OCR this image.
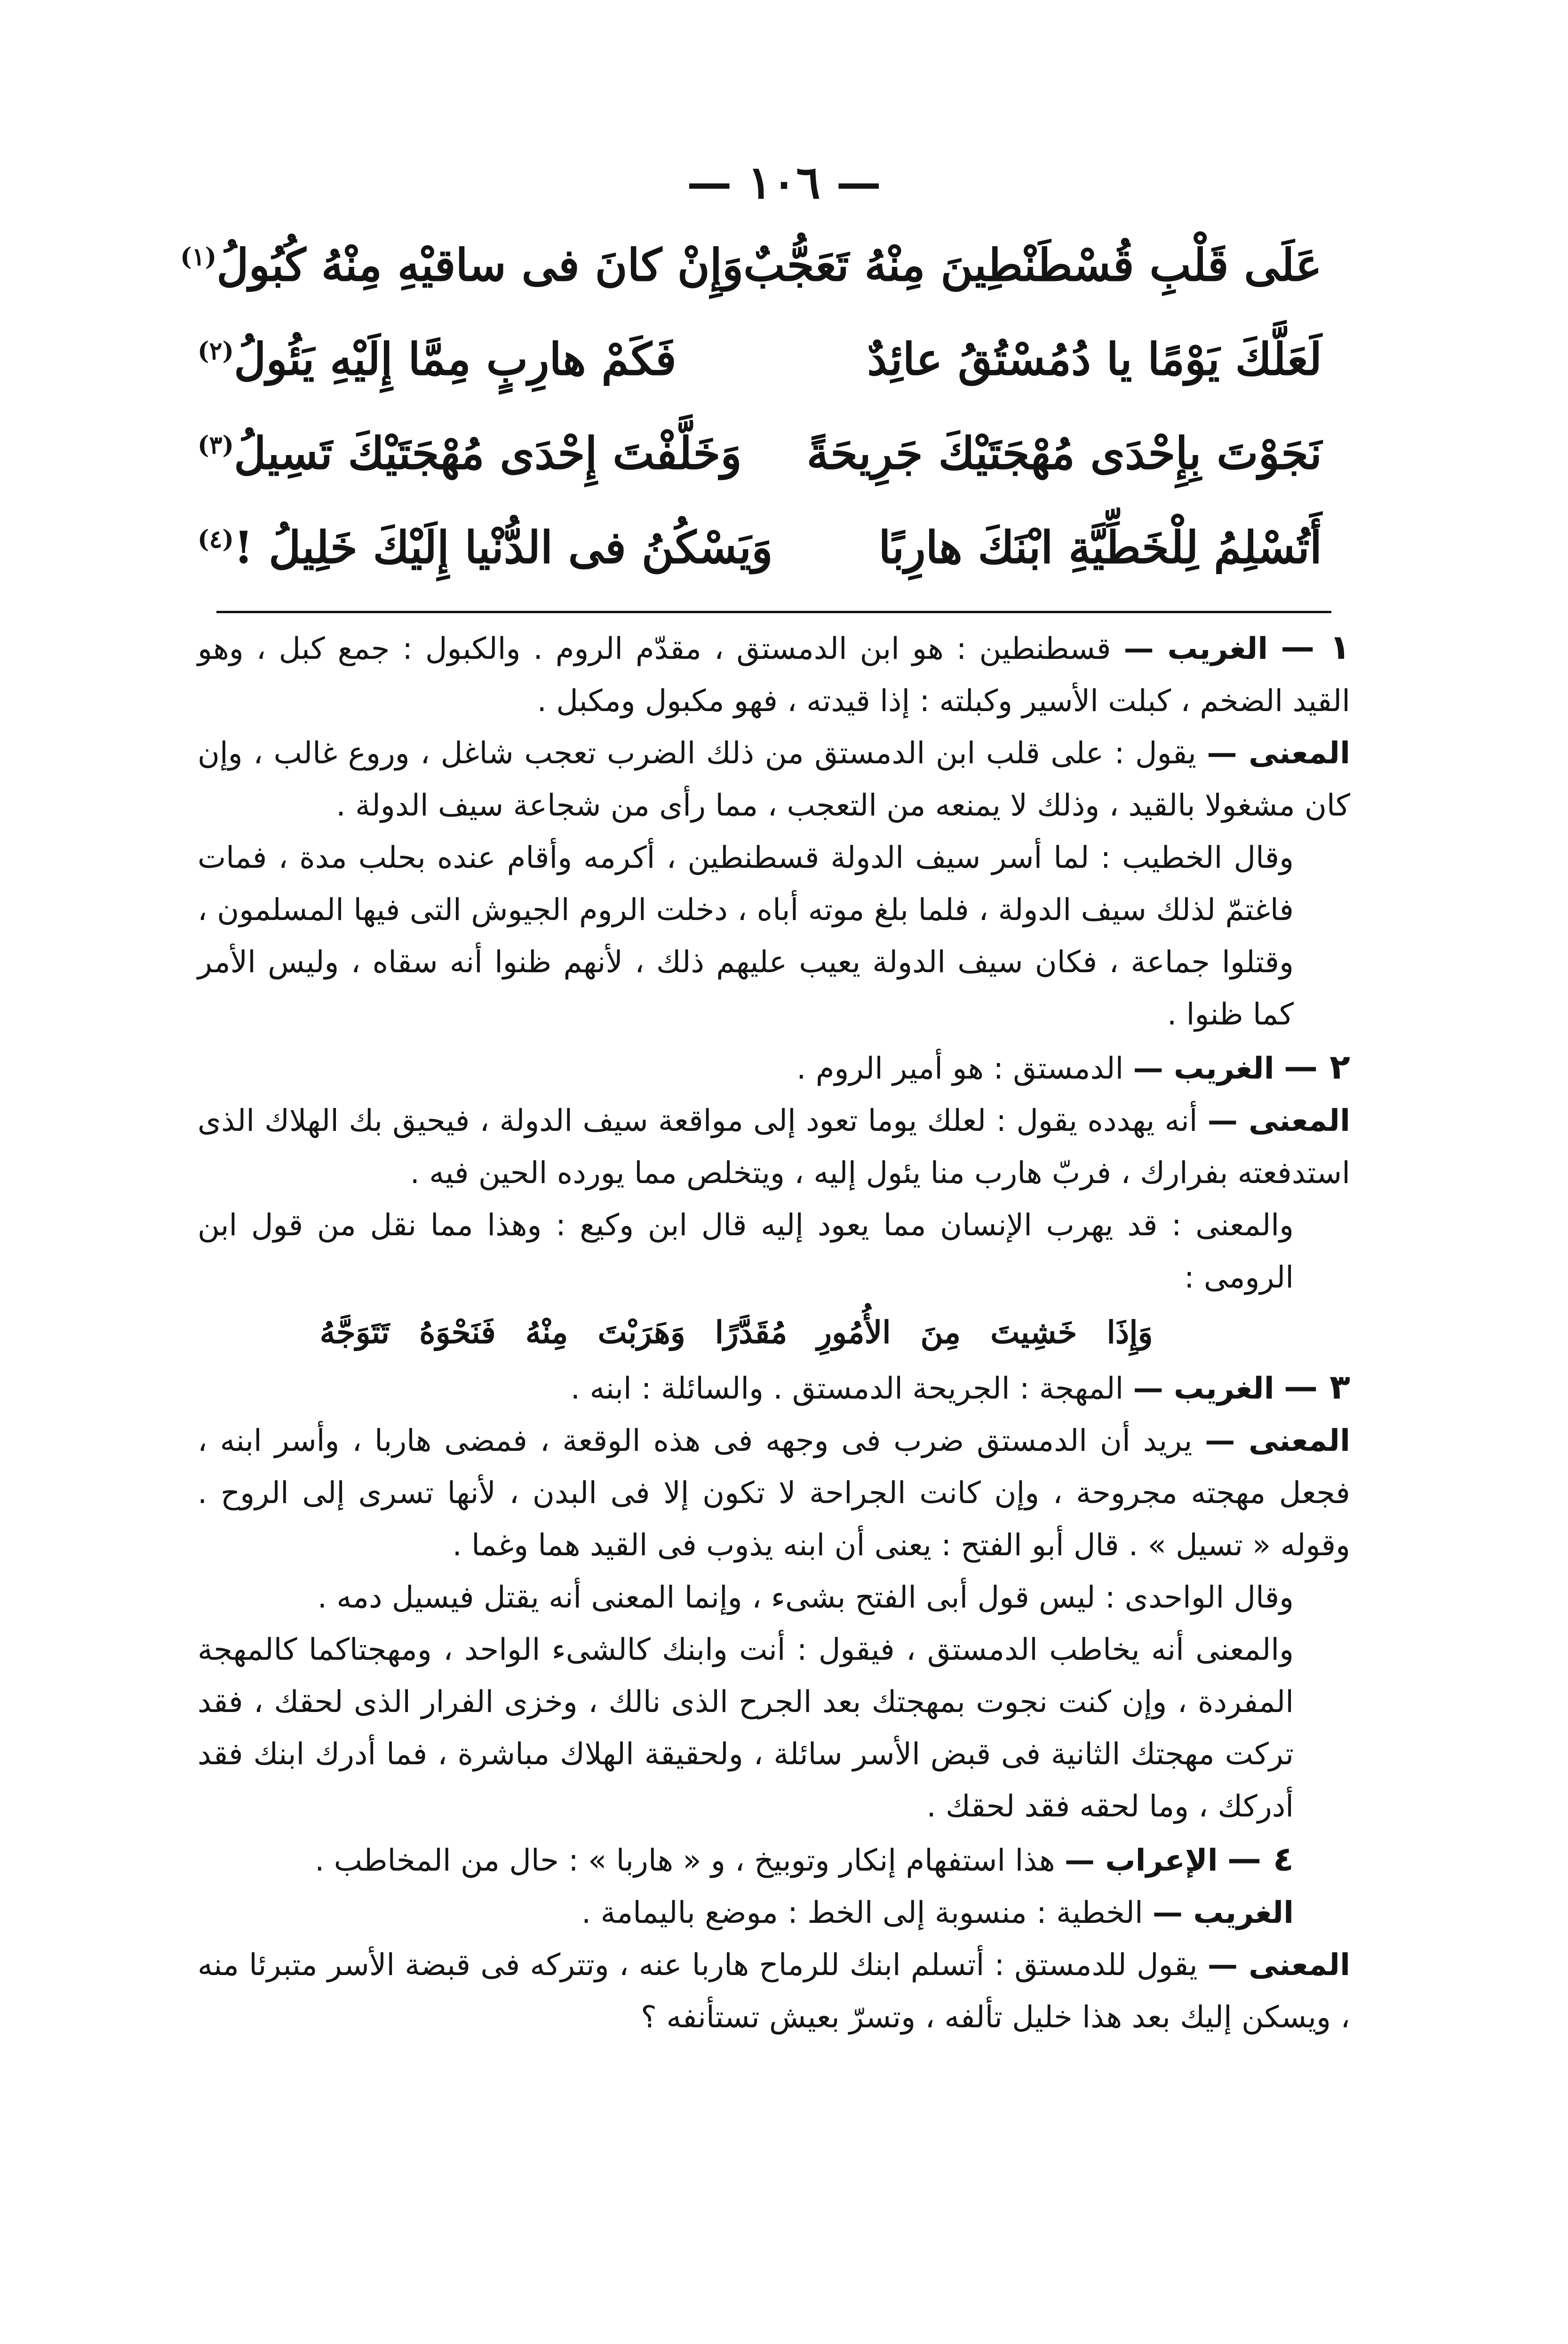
— ١٠٦ —
عَلَى قَلْبِ قُسْطَنْطِينَ مِنْهُ تَعَجُّبٌ
وَإِنْ كانَ فى ساقيْهِ مِنْهُ كُبُولُ$^{(١)}$
لَعَلَّكَ يَوْمًا يا دُمُسْتُقُ عائِدٌ
فَكَمْ هارِبٍ مِمَّا إِلَيْهِ يَئُولُ$^{(٢)}$
نَجَوْتَ بِإِحْدَى مُهْجَتَيْكَ جَرِيحَةً
وَخَلَّفْتَ إِحْدَى مُهْجَتَيْكَ تَسِيلُ$^{(٣)}$
أَتُسْلِمُ لِلْخَطِّيَّةِ ابْنَكَ هارِبًا
وَيَسْكُنُ فى الدُّنْيا إِلَيْكَ خَلِيلُ !$^{(٤)}$

١ — الغريب — قسطنطين : هو ابن الدمستق ، مقدّم الروم . والكبول : جمع كبل ، وهو القيد الضخم ، كبلت الأسير وكبلته : إذا قيدته ، فهو مكبول ومكبل .

المعنى — يقول : على قلب ابن الدمستق من ذلك الضرب تعجب شاغل ، وروع غالب ، وإن كان مشغولا بالقيد ، وذلك لا يمنعه من التعجب ، مما رأى من شجاعة سيف الدولة .

وقال الخطيب : لما أسر سيف الدولة قسطنطين ، أكرمه وأقام عنده بحلب مدة ، فمات فاغتمّ لذلك سيف الدولة ، فلما بلغ موته أباه ، دخلت الروم الجيوش التى فيها المسلمون ، وقتلوا جماعة ، فكان سيف الدولة يعيب عليهم ذلك ، لأنهم ظنوا أنه سقاه ، وليس الأمر كما ظنوا .

٢ — الغريب — الدمستق : هو أمير الروم .

المعنى — أنه يهدده يقول : لعلك يوما تعود إلى مواقعة سيف الدولة ، فيحيق بك الهلاك الذى استدفعته بفرارك ، فربّ هارب منا يئول إليه ، ويتخلص مما يورده الحين فيه .

والمعنى : قد يهرب الإنسان مما يعود إليه قال ابن وكيع : وهذا مما نقل من قول ابن الرومى :

وَإِذَا خَشِيتَ مِنَ الأُمُورِ مُقَدَّرًا وَهَرَبْتَ مِنْهُ فَنَحْوَهُ تَتَوَجَّهُ

٣ — الغريب — المهجة : الجريحة الدمستق . والسائلة : ابنه .

المعنى — يريد أن الدمستق ضرب فى وجهه فى هذه الوقعة ، فمضى هاربا ، وأسر ابنه ، فجعل مهجته مجروحة ، وإن كانت الجراحة لا تكون إلا فى البدن ، لأنها تسرى إلى الروح . وقوله « تسيل » . قال أبو الفتح : يعنى أن ابنه يذوب فى القيد هما وغما .

وقال الواحدى : ليس قول أبى الفتح بشىء ، وإنما المعنى أنه يقتل فيسيل دمه .

والمعنى أنه يخاطب الدمستق ، فيقول : أنت وابنك كالشىء الواحد ، ومهجتاكما كالمهجة المفردة ، وإن كنت نجوت بمهجتك بعد الجرح الذى نالك ، وخزى الفرار الذى لحقك ، فقد تركت مهجتك الثانية فى قبض الأسر سائلة ، ولحقيقة الهلاك مباشرة ، فما أدرك ابنك فقد أدركك ، وما لحقه فقد لحقك .

٤ — الإعراب — هذا استفهام إنكار وتوبيخ ، و « هاربا » : حال من المخاطب .

الغريب — الخطية : منسوبة إلى الخط : موضع باليمامة .

المعنى — يقول للدمستق : أتسلم ابنك للرماح هاربا عنه ، وتتركه فى قبضة الأسر متبرئا منه ، ويسكن إليك بعد هذا خليل تألفه ، وتسرّ بعيش تستأنفه ؟
